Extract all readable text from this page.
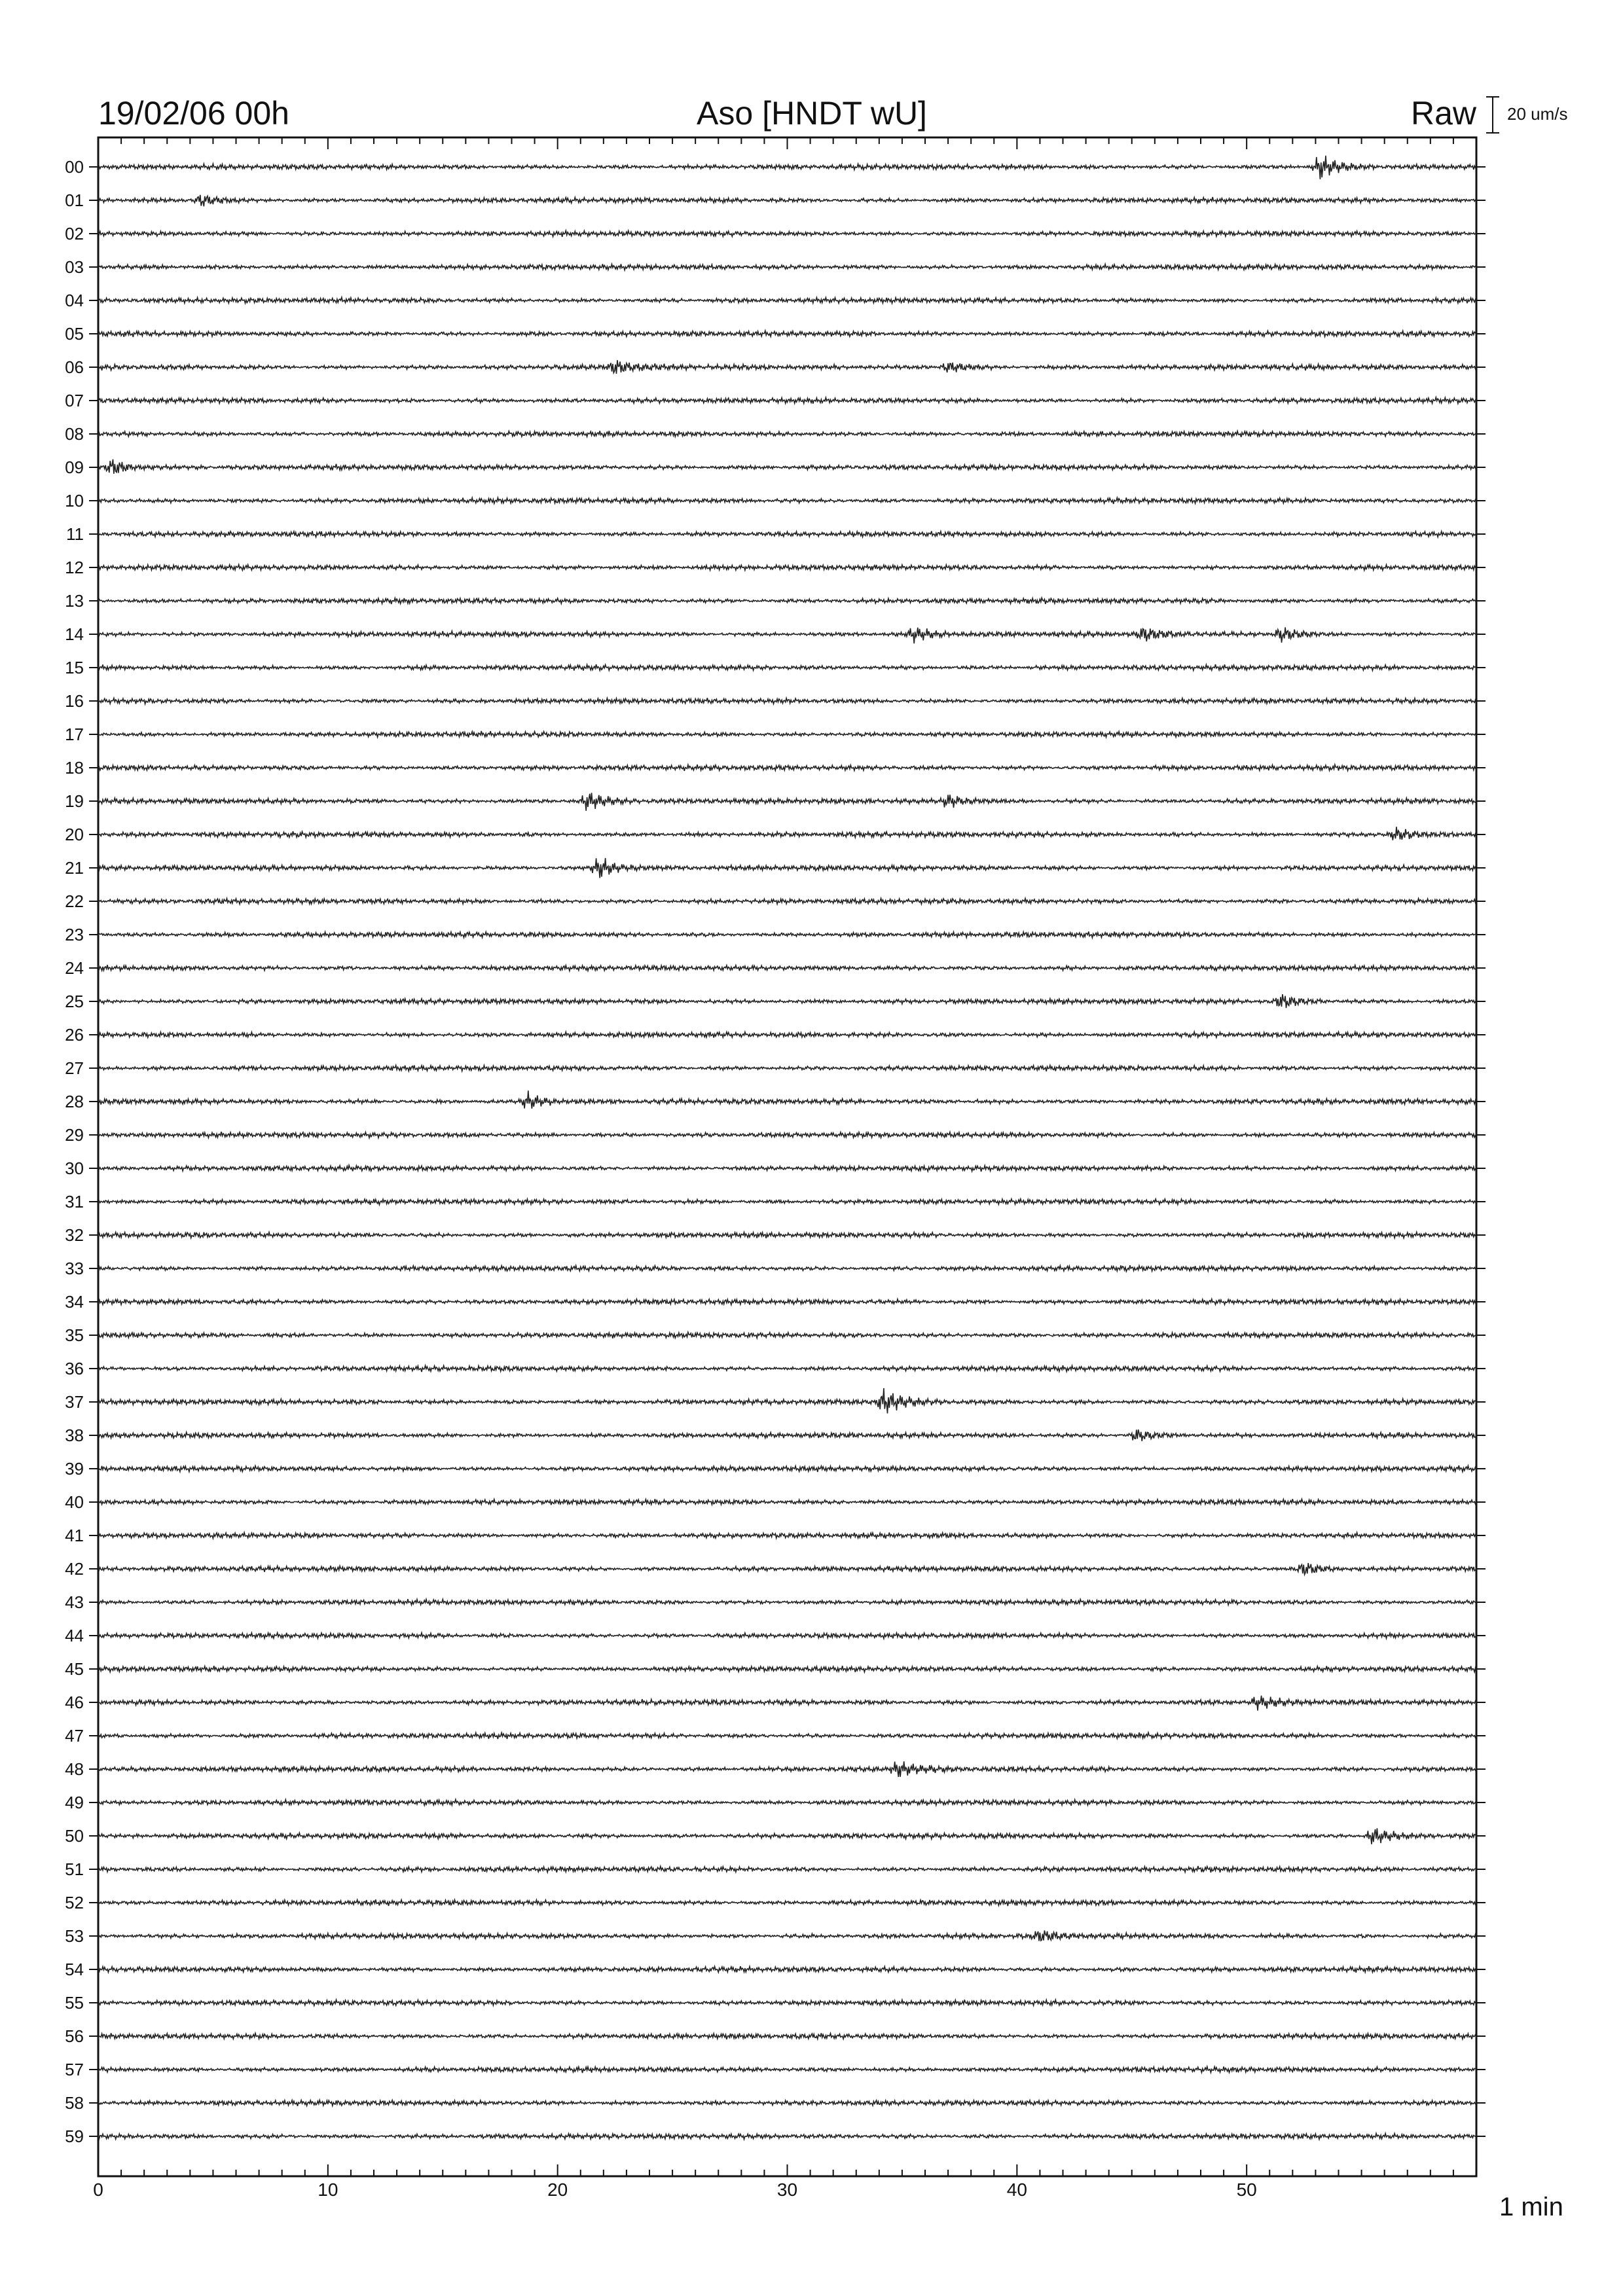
19/02/06 00h	Aso [HNDT wU]	Raw 20 um/s
00
01
02
03
04
05
06
07
08
09
10
11
12
13
14
15
16
17
18
19
20
21
22
23
24
25
26
27
28
29
30
31
32
33
34
35
36
37
38
39
40
41
42
43
44
45
46
47
48
49
50
51
52
53
54
55
56
57
58
59
0	10	20	30	40	50
1 min
